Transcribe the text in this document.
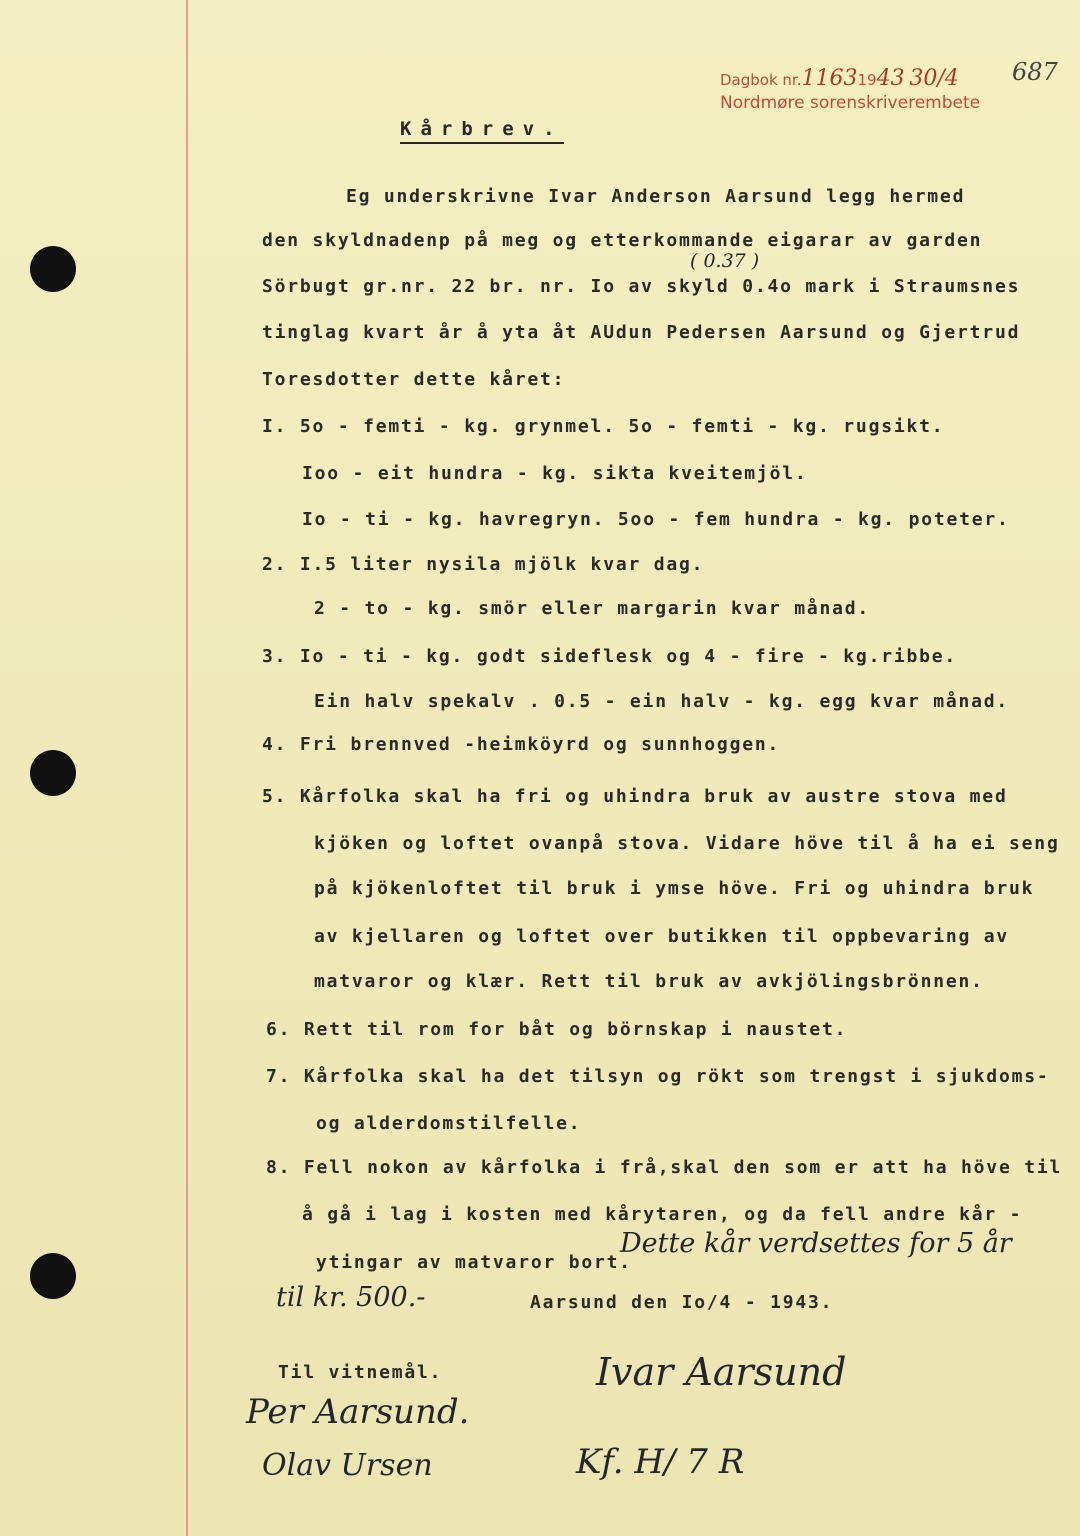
Dagbok nr.11631943 30/4
Nordmøre sorenskriverembete
687
Kårbrev.
Eg underskrivne Ivar Anderson Aarsund legg hermed
den skyldnadenp på meg og etterkommande eigarar av garden
( 0.37 )
Sörbugt gr.nr. 22 br. nr. Io av skyld 0.4o mark i Straumsnes
tinglag kvart år å yta åt AUdun Pedersen Aarsund og Gjertrud
Toresdotter dette kåret:
I. 5o - femti - kg. grynmel. 5o - femti - kg. rugsikt.
Ioo - eit hundra - kg. sikta kveitemjöl.
Io - ti - kg. havregryn. 5oo - fem hundra - kg. poteter.
2. I.5 liter nysila mjölk kvar dag.
2 - to - kg. smör eller margarin kvar månad.
3. Io - ti - kg. godt sideflesk og 4 - fire - kg.ribbe.
Ein halv spekalv . 0.5 - ein halv - kg. egg kvar månad.
4. Fri brennved -heimköyrd og sunnhoggen.
5. Kårfolka skal ha fri og uhindra bruk av austre stova med
kjöken og loftet ovanpå stova. Vidare höve til å ha ei seng
på kjökenloftet til bruk i ymse höve. Fri og uhindra bruk
av kjellaren og loftet over butikken til oppbevaring av
matvaror og klær. Rett til bruk av avkjölingsbrönnen.
6. Rett til rom for båt og börnskap i naustet.
7. Kårfolka skal ha det tilsyn og rökt som trengst i sjukdoms-
og alderdomstilfelle.
8. Fell nokon av kårfolka i frå,skal den som er att ha höve til
å gå i lag i kosten med kårytaren, og da fell andre kår -
ytingar av matvaror bort.
Dette kår verdsettes for 5 år
til kr. 500.-	Aarsund den Io/4 - 1943.
Til vitnemål.	Ivar Aarsund
Per Aarsund.
Olav Ursen	Kf. H/ 7 R
